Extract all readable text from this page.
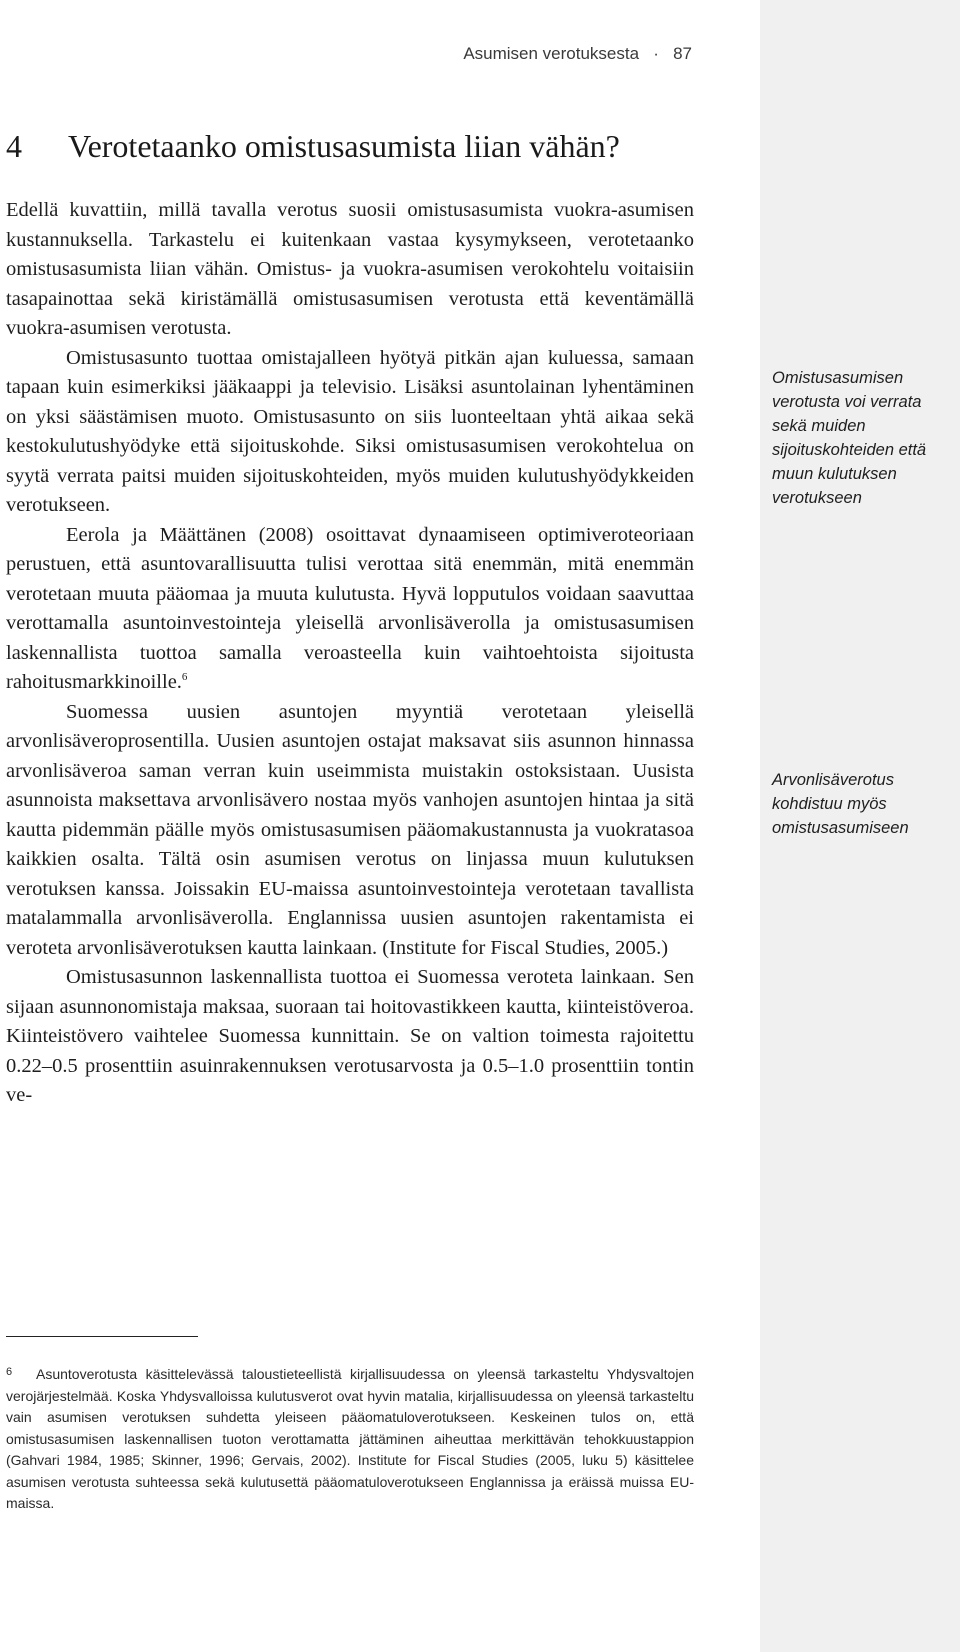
Asumisen verotuksesta · 87
4 Verotetaanko omistusasumista liian vähän?

Edellä kuvattiin, millä tavalla verotus suosii omistusasumista vuokra-asumisen kustannuksella. Tarkastelu ei kuitenkaan vastaa kysymykseen, verotetaanko omistusasumista liian vähän. Omistus- ja vuokra-asumisen verokohtelu voitaisiin tasapainottaa sekä kiristämällä omistusasumisen verotusta että keventämällä vuokra-asumisen verotusta.

Omistusasunto tuottaa omistajalleen hyötyä pitkän ajan kuluessa, samaan tapaan kuin esimerkiksi jääkaappi ja televisio. Lisäksi asuntolainan lyhentäminen on yksi säästämisen muoto. Omistusasunto on siis luonteeltaan yhtä aikaa sekä kestokulutushyödyke että sijoituskohde. Siksi omistusasumisen verokohtelua on syytä verrata paitsi muiden sijoituskohteiden, myös muiden kulutushyödykkeiden verotukseen.

Eerola ja Määttänen (2008) osoittavat dynaamiseen optimiveroteoriaan perustuen, että asuntovarallisuutta tulisi verottaa sitä enemmän, mitä enemmän verotetaan muuta pääomaa ja muuta kulutusta. Hyvä lopputulos voidaan saavuttaa verottamalla asuntoinvestointeja yleisellä arvonlisäverolla ja omistusasumisen laskennallista tuottoa samalla veroasteella kuin vaihtoehtoista sijoitusta rahoitusmarkkinoille.$^6$

Suomessa uusien asuntojen myyntiä verotetaan yleisellä arvonlisäveroprosentilla. Uusien asuntojen ostajat maksavat siis asunnon hinnassa arvonlisäveroa saman verran kuin useimmista muistakin ostoksistaan. Uusista asunnoista maksettava arvonlisävero nostaa myös vanhojen asuntojen hintaa ja sitä kautta pidemmän päälle myös omistusasumisen pääomakustannusta ja vuokratasoa kaikkien osalta. Tältä osin asumisen verotus on linjassa muun kulutuksen verotuksen kanssa. Joissakin EU-maissa asuntoinvestointeja verotetaan tavallista matalammalla arvonlisäverolla. Englannissa uusien asuntojen rakentamista ei veroteta arvonlisäverotuksen kautta lainkaan. (Institute for Fiscal Studies, 2005.)

Omistusasunnon laskennallista tuottoa ei Suomessa veroteta lainkaan. Sen sijaan asunnonomistaja maksaa, suoraan tai hoitovastikkeen kautta, kiinteistöveroa. Kiinteistövero vaihtelee Suomessa kunnittain. Se on valtion toimesta rajoitettu 0.22–0.5 prosenttiin asuinrakennuksen verotusarvosta ja 0.5–1.0 prosenttiin tontin ve-

Omistusasumisen verotusta voi verrata sekä muiden sijoituskohteiden että muun kulutuksen verotukseen
Arvonlisäverotus kohdistuu myös omistusasumiseen

6 Asuntoverotusta käsittelevässä taloustieteellistä kirjallisuudessa on yleensä tarkasteltu Yhdysvaltojen verojärjestelmää. Koska Yhdysvalloissa kulutusverot ovat hyvin matalia, kirjallisuudessa on yleensä tarkasteltu vain asumisen verotuksen suhdetta yleiseen pääomatuloverotukseen. Keskeinen tulos on, että omistusasumisen laskennallisen tuoton verottamatta jättäminen aiheuttaa merkittävän tehokkuustappion (Gahvari 1984, 1985; Skinner, 1996; Gervais, 2002). Institute for Fiscal Studies (2005, luku 5) käsittelee asumisen verotusta suhteessa sekä kulutusettä pääomatuloverotukseen Englannissa ja eräissä muissa EU-maissa.
